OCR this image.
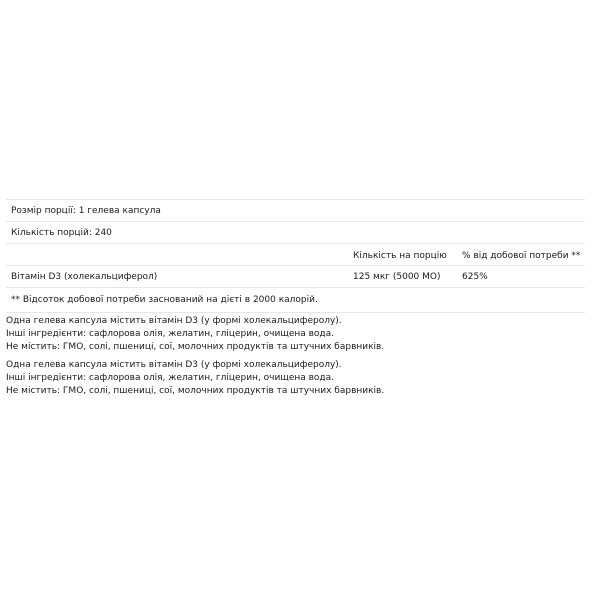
Розмір порції: 1 гелева капсула
Кількість порцій: 240
Кількість на порцію % від добової потреби **
Вітамін D3 (холекальциферол)	125 мкг (5000 МО) 625%
** Відсоток добової потреби заснований на дієті в 2000 калорій.
Одна гелева капсула містить вітамін D3 (у формі холекальциферолу).
Інші інгредієнти: сафлорова олія, желатин, гліцерин, очищена вода.
Не містить: ГМО, солі, пшениці, сої, молочних продуктів та штучних барвників.
Одна гелева капсула містить вітамін D3 (у формі холекальциферолу).
Інші інгредієнти: сафлорова олія, желатин, гліцерин, очищена вода.
Не містить: ГМО, солі, пшениці, сої, молочних продуктів та штучних барвників.
